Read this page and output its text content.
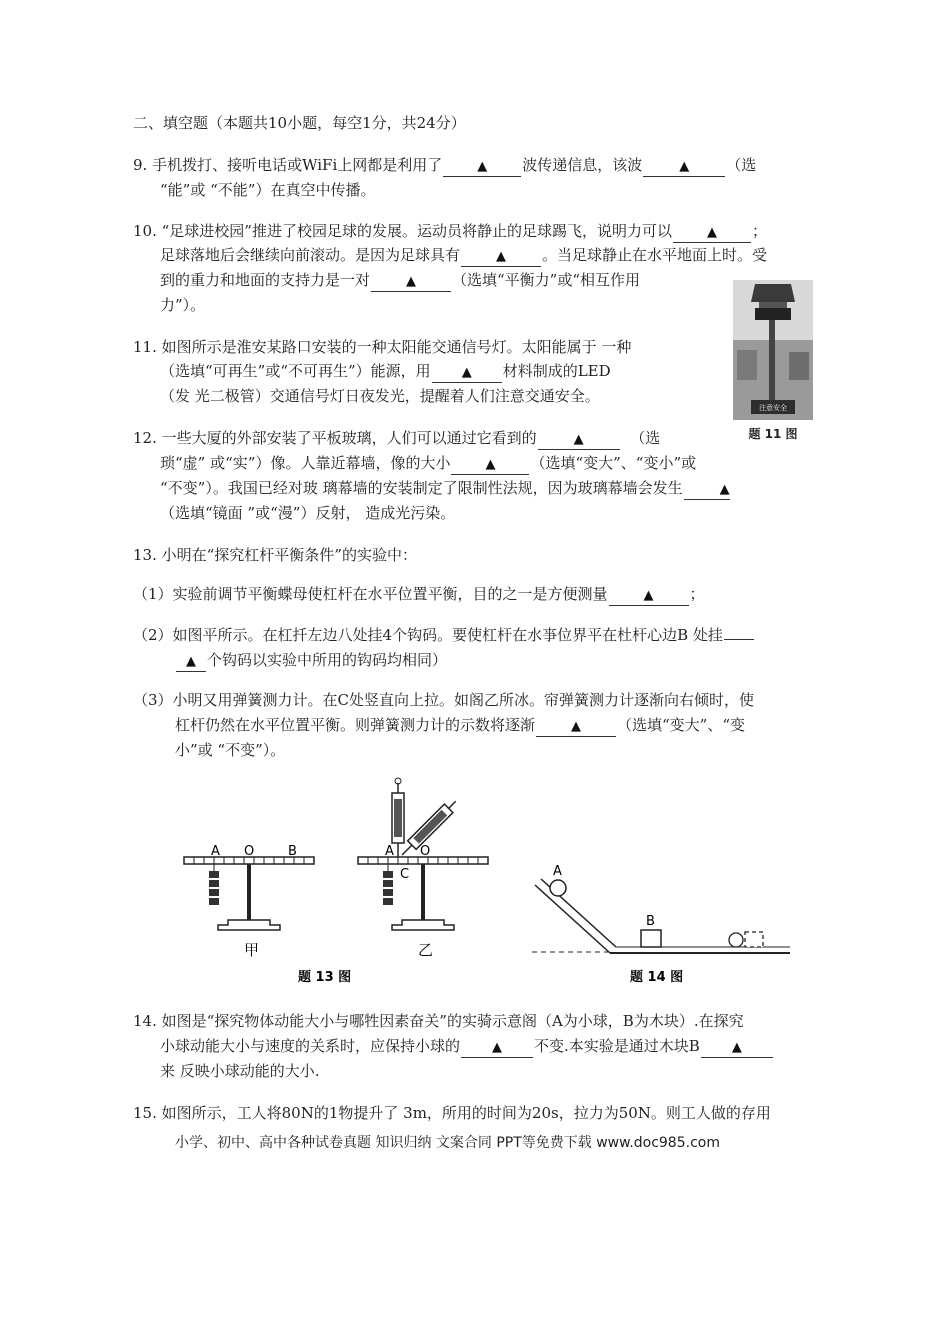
二、填空题（本题共10小题，每空1分，共24分）
9. 手机拨打、接听电话或WiFi上网都是利用了	▲ 波传递信息，该波	▲ （选
“能”或 “不能”）在真空中传播。
10. “足球进校园”推进了校园足球的发展。运动员将静止的足球踢飞，说明力可以	▲ ；
足球落地后会继续向前滚动。是因为足球具有	▲ 。当足球静止在水平地面上时。受
到的重力和地面的支持力是一对	▲ （选填“平衡力”或“相互作用
力”）。
注意安全
题 11 图
11. 如图所示是淮安某路口安装的一种太阳能交通信号灯。太阳能属于 一种
（选填“可再生”或“不可再生”）能源，用 ▲ 材料制成的LED
（发 光二极管）交通信号灯日夜发光，提醒着人们注意交通安全。
12. 一些大厦的外部安装了平板玻璃，人们可以通过它看到的	▲	（选
琐“虚” 或“实”）像。人靠近幕墙，像的大小	▲ （选填“变大”、“变小”或
“不变”）。我国已经对玻 璃幕墙的安装制定了限制性法规，因为玻璃幕墙会发生	▲
（选填“镜面 ”或“漫”）反射， 造成光污染。
13. 小明在“探究杠杆平衡条件”的实验中：
（1）实验前调节平衡蝶母使杠杆在水平位置平衡，目的之一是方便测量	▲ ；
（2）如图平所示。在杠扦左边八处挂4个钩码。要使杠杆在水亊位界平在杜杆心边B 处挂
▲ 个钩码以实验中所用的钩码均相同）
（3）小明又用弹簧测力计。在C处竖直向上拉。如阁乙所冰。帘弹簧测力计逐渐向右倾时，使
杠杆仍然在水平位置平衡。则弹簧测力计的示数将逐渐	▲ （选填“变大”、“变
小”或 “不变”）。
A O	B
甲
A O
C
乙
题 13 图
A
B
题 14 图
14. 如图是“探究物体动能大小与哪牲因素奋关”的实骑示意阁（A为小球，B为木块）.在探究
小球动能大小与速度的关系时，应保持小球的 ▲ 不变.本实验是通过木块B ▲
来 反映小球动能的大小.
15. 如图所示，工人将80N的1物提升了 3m，所用的时间为20s，拉力为50N。则工人做的存用
小学、初中、高中各种试卷真题 知识归纳 文案合同 PPT等免费下载 www.doc985.com
